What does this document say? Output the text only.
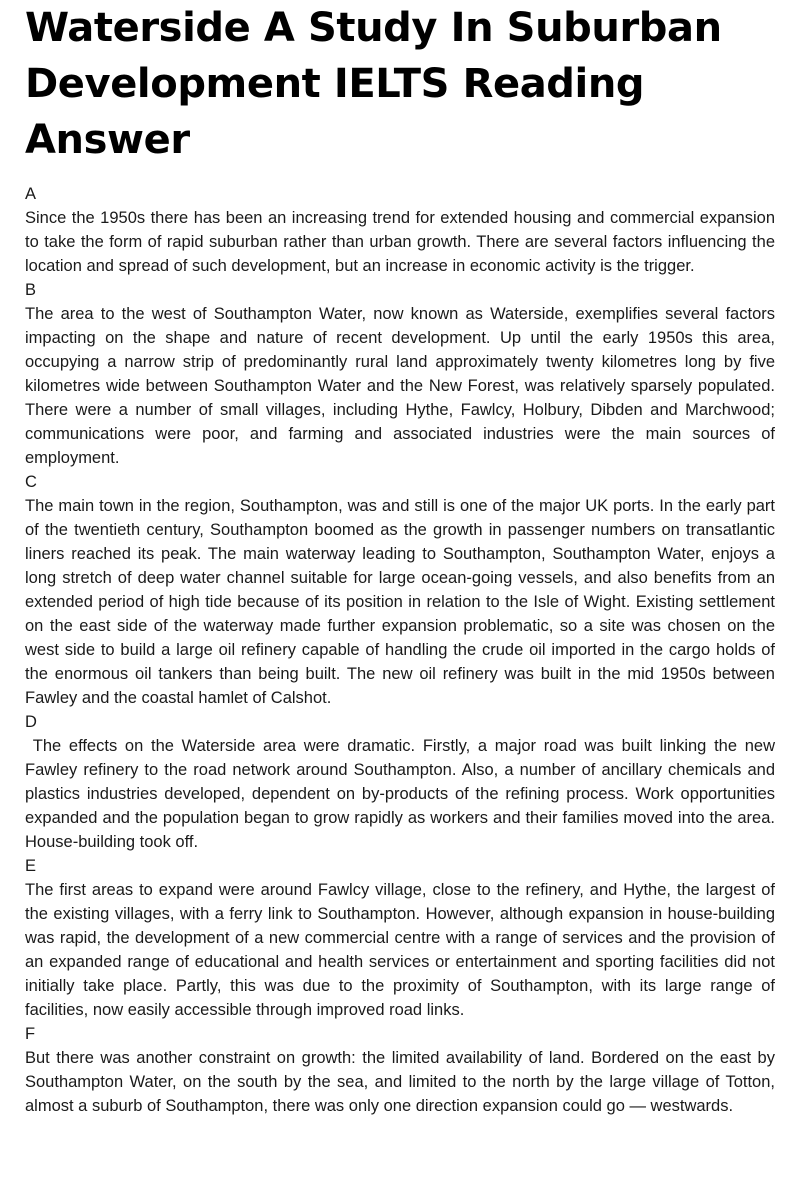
Waterside A Study In Suburban Development IELTS Reading Answer

A

Since the 1950s there has been an increasing trend for extended housing and commercial expansion to take the form of rapid suburban rather than urban growth. There are several factors influencing the location and spread of such development, but an increase in economic activity is the trigger.

B

The area to the west of Southampton Water, now known as Waterside, exemplifies several factors impacting on the shape and nature of recent development. Up until the early 1950s this area, occupying a narrow strip of predominantly rural land approximately twenty kilometres long by five kilometres wide between Southampton Water and the New Forest, was relatively sparsely populated. There were a number of small villages, including Hythe, Fawlcy, Holbury, Dibden and Marchwood; communications were poor, and farming and associated industries were the main sources of employment.

C

The main town in the region, Southampton, was and still is one of the major UK ports. In the early part of the twentieth century, Southampton boomed as the growth in passenger numbers on transatlantic liners reached its peak. The main waterway leading to Southampton, Southampton Water, enjoys a long stretch of deep water channel suitable for large ocean-going vessels, and also benefits from an extended period of high tide because of its position in relation to the Isle of Wight. Existing settlement on the east side of the waterway made further expansion problematic, so a site was chosen on the west side to build a large oil refinery capable of handling the crude oil imported in the cargo holds of the enormous oil tankers than being built. The new oil refinery was built in the mid 1950s between Fawley and the coastal hamlet of Calshot.

D

The effects on the Waterside area were dramatic. Firstly, a major road was built linking the new Fawley refinery to the road network around Southampton. Also, a number of ancillary chemicals and plastics industries developed, dependent on by-products of the refining process. Work opportunities expanded and the population began to grow rapidly as workers and their families moved into the area. House-building took off.

E

The first areas to expand were around Fawlcy village, close to the refinery, and Hythe, the largest of the existing villages, with a ferry link to Southampton. However, although expansion in house-building was rapid, the development of a new commercial centre with a range of services and the provision of an expanded range of educational and health services or entertainment and sporting facilities did not initially take place. Partly, this was due to the proximity of Southampton, with its large range of facilities, now easily accessible through improved road links.

F

But there was another constraint on growth: the limited availability of land. Bordered on the east by Southampton Water, on the south by the sea, and limited to the north by the large village of Totton, almost a suburb of Southampton, there was only one direction expansion could go — westwards.
